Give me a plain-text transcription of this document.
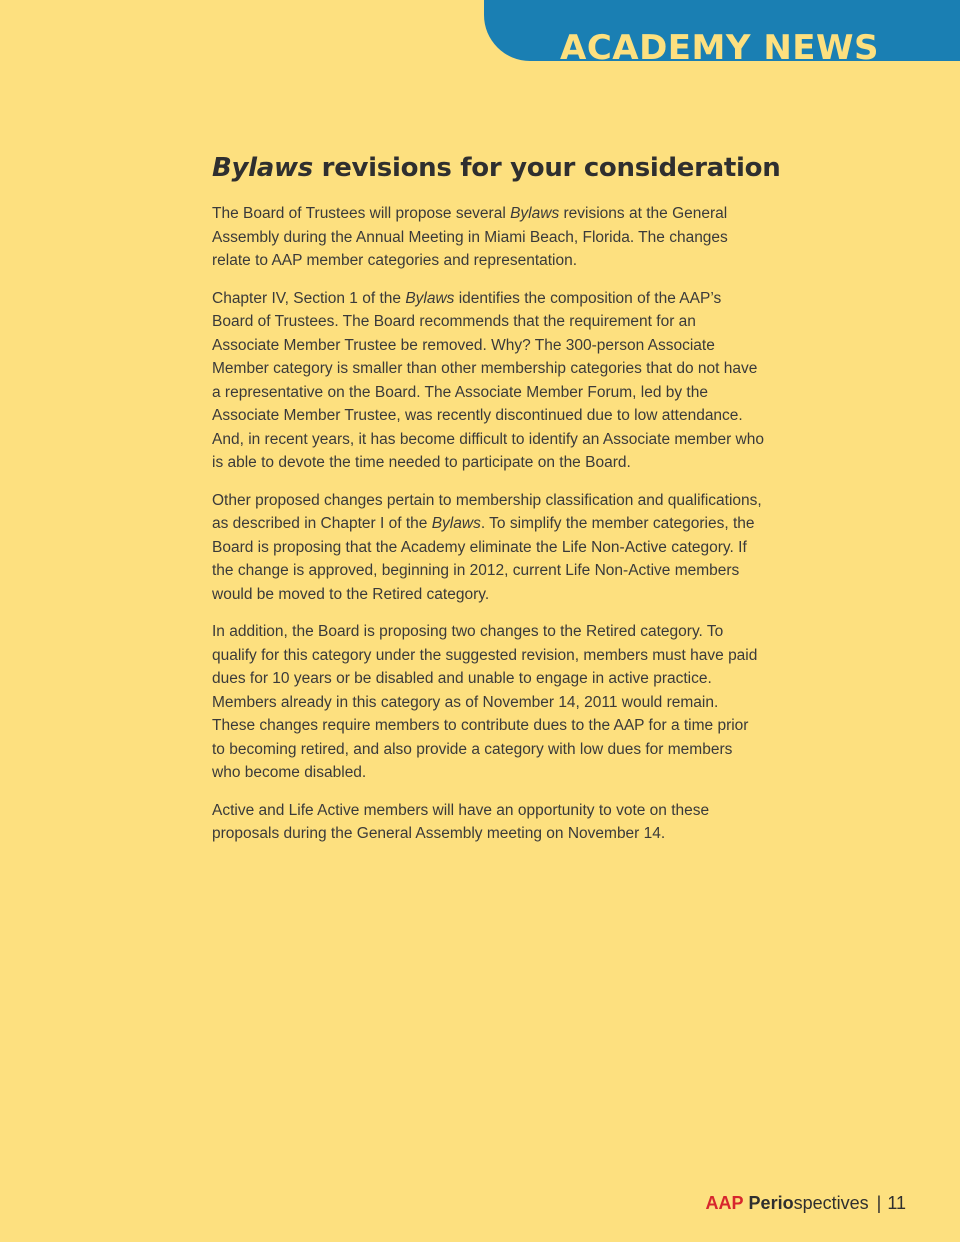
ACADEMY NEWS
Bylaws revisions for your consideration

The Board of Trustees will propose several Bylaws revisions at the General Assembly during the Annual Meeting in Miami Beach, Florida. The changes relate to AAP member categories and representation.

Chapter IV, Section 1 of the Bylaws identifies the composition of the AAP’s Board of Trustees. The Board recommends that the requirement for an Associate Member Trustee be removed. Why? The 300-person Associate Member category is smaller than other membership categories that do not have a representative on the Board. The Associate Member Forum, led by the Associate Member Trustee, was recently discontinued due to low attendance. And, in recent years, it has become difficult to identify an Associate member who is able to devote the time needed to participate on the Board.

Other proposed changes pertain to membership classification and qualifications, as described in Chapter I of the Bylaws. To simplify the member categories, the Board is proposing that the Academy eliminate the Life Non-Active category. If the change is approved, beginning in 2012, current Life Non-Active members would be moved to the Retired category.

In addition, the Board is proposing two changes to the Retired category. To qualify for this category under the suggested revision, members must have paid dues for 10 years or be disabled and unable to engage in active practice. Members already in this category as of November 14, 2011 would remain. These changes require members to contribute dues to the AAP for a time prior to becoming retired, and also provide a category with low dues for members who become disabled.

Active and Life Active members will have an opportunity to vote on these proposals during the General Assembly meeting on November 14.

AAP Periospectives | 11
